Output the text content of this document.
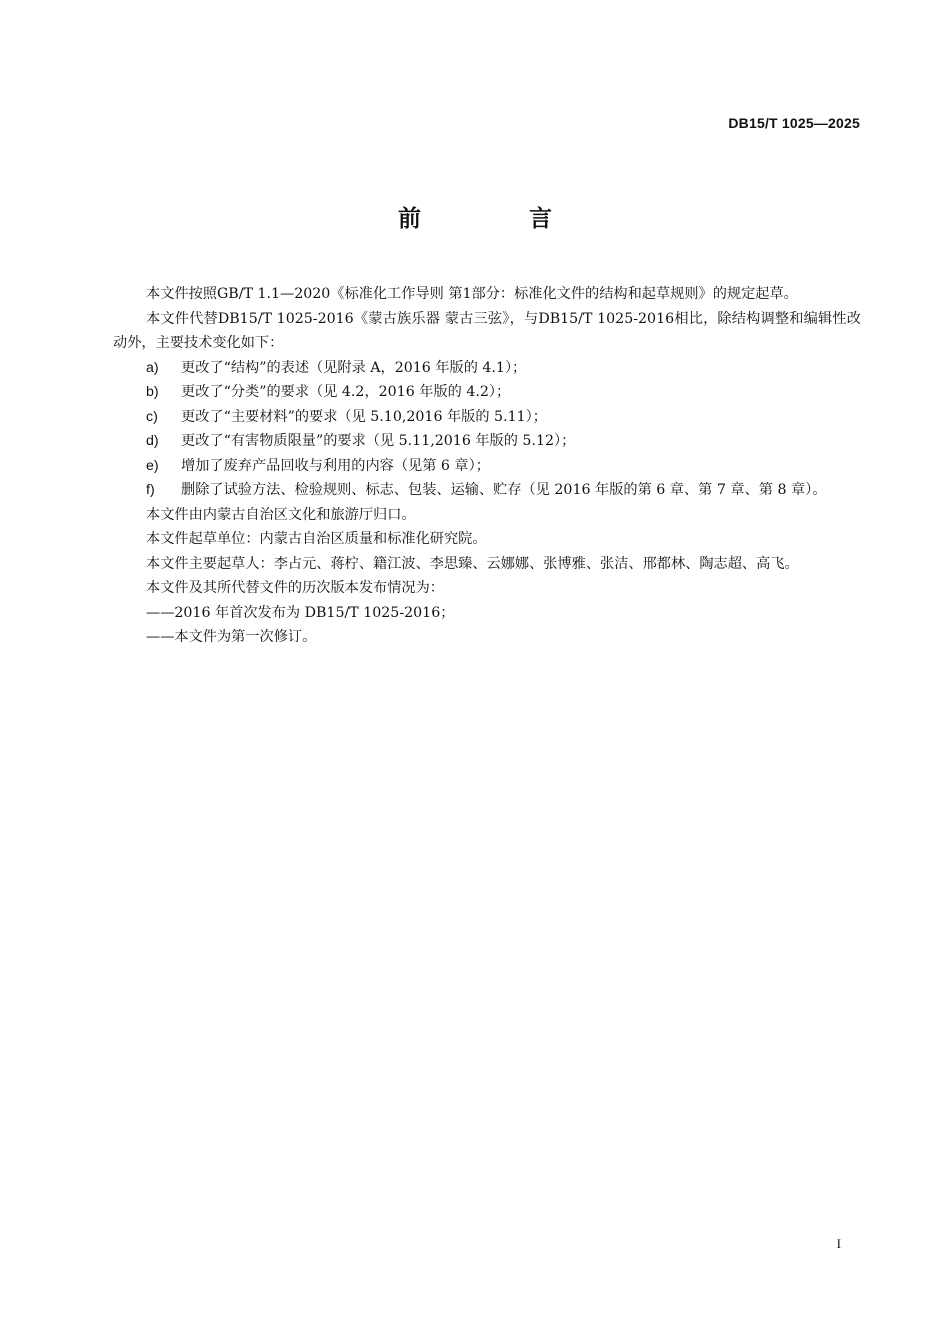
DB15/T 1025—2025
前 言

本文件按照GB/T 1.1—2020《标准化工作导则 第1部分：标准化文件的结构和起草规则》的规定起草。

本文件代替DB15/T 1025-2016《蒙古族乐器 蒙古三弦》，与DB15/T 1025-2016相比，除结构调整和编辑性改动外，主要技术变化如下：

a)	更改了“结构”的表述（见附录 A，2016 年版的 4.1）；
b)	更改了“分类”的要求（见 4.2，2016 年版的 4.2）；
c)	更改了“主要材料”的要求（见 5.10,2016 年版的 5.11）；
d)	更改了“有害物质限量”的要求（见 5.11,2016 年版的 5.12）；
e)	增加了废弃产品回收与利用的内容（见第 6 章）；
f)	删除了试验方法、检验规则、标志、包装、运输、贮存（见 2016 年版的第 6 章、第 7 章、第 8 章）。

本文件由内蒙古自治区文化和旅游厅归口。

本文件起草单位：内蒙古自治区质量和标准化研究院。

本文件主要起草人：李占元、蒋柠、籍江波、李思臻、云娜娜、张博雅、张洁、邢都林、陶志超、高飞。

本文件及其所代替文件的历次版本发布情况为：

——2016 年首次发布为 DB15/T 1025-2016；

——本文件为第一次修订。

I
